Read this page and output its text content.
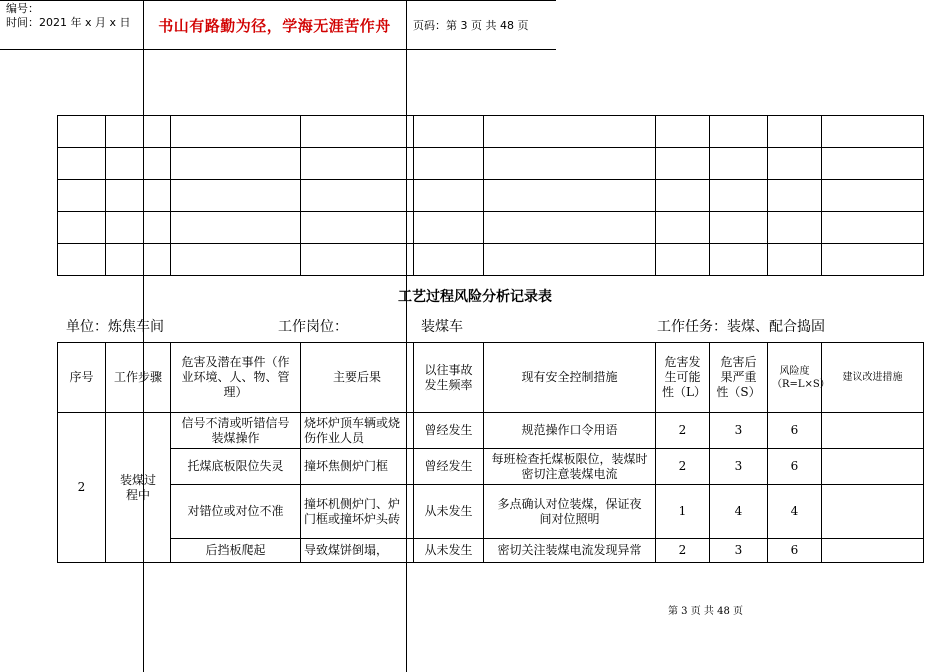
编号：
时间：2021 年 x 月 x 日	书山有路勤为径，学海无涯苦作舟	页码：第 3 页 共 48 页

工艺过程风险分析记录表
单位：炼焦车间	工作岗位：	装煤车	工作任务：装煤、配合捣固
序号	工作步骤	危害及潜在事件（作业环境、人、物、管理）	主要后果	以往事故发生频率	现有安全控制措施	危害发生可能性（L）	危害后果严重性（S）	风险度（R=L×S）	建议改进措施
2	装煤过程中	信号不清或听错信号装煤操作	烧坏炉顶车辆或烧伤作业人员	曾经发生	规范操作口令用语	2	3	6	
		托煤底板限位失灵	撞坏焦侧炉门框	曾经发生	每班检查托煤板限位，装煤时密切注意装煤电流	2	3	6	
		对错位或对位不准	撞坏机侧炉门、炉门框或撞坏炉头砖	从未发生	多点确认对位装煤，保证夜间对位照明	1	4	4	
		后挡板爬起	导致煤饼倒塌，	从未发生	密切关注装煤电流发现异常	2	3	6	
第 3 页 共 48 页
